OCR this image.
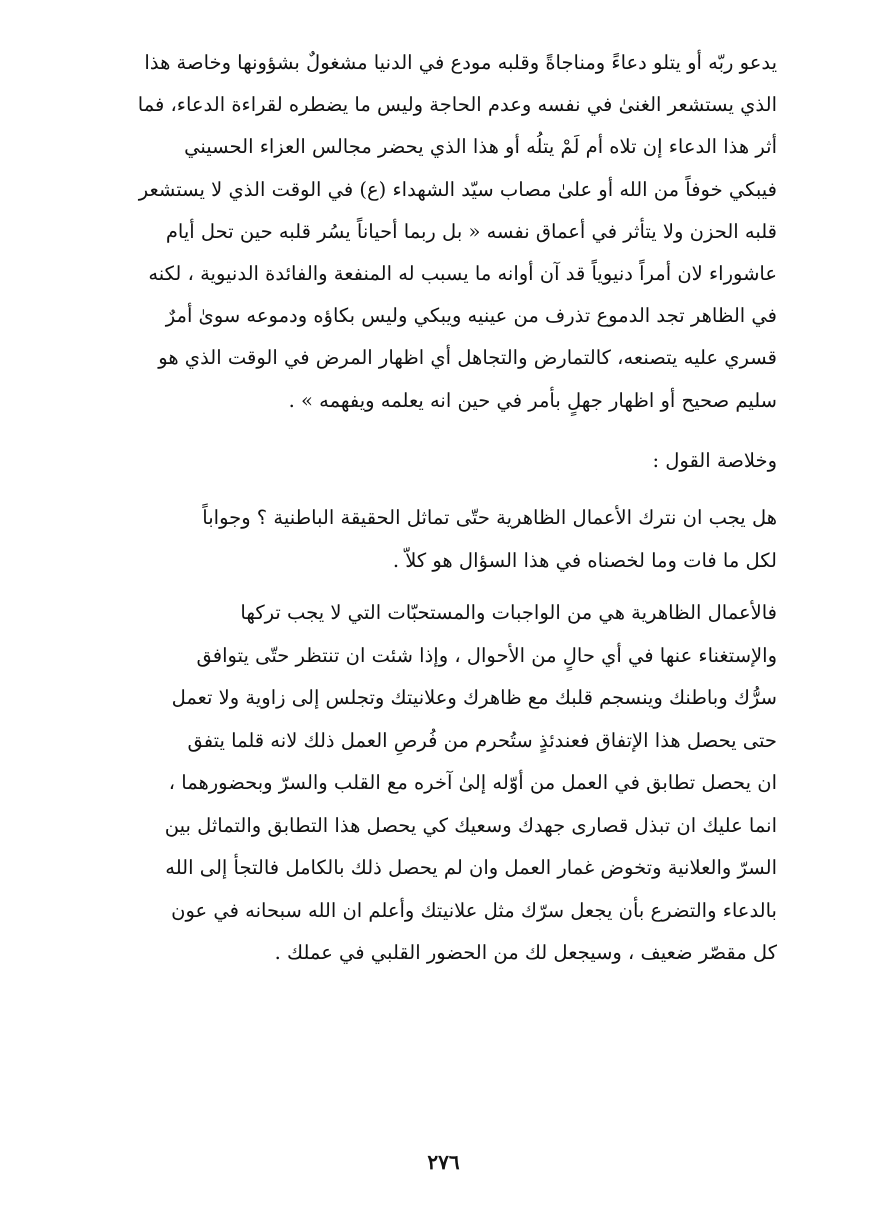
يدعو ربّه أو يتلو دعاءً ومناجاةً وقلبه مودع في الدنيا مشغولٌ بشؤونها وخاصة هذا
الذي يستشعر الغنىٰ في نفسه وعدم الحاجة وليس ما يضطره لقراءة الدعاء، فما
أثر هذا الدعاء إن تلاه أم لَمْ يتلُه أو هذا الذي يحضر مجالس العزاء الحسيني
فيبكي خوفاً من الله أو علىٰ مصاب سيّد الشهداء (ع) في الوقت الذي لا يستشعر
قلبه الحزن ولا يتأثر في أعماق نفسه « بل ربما أحياناً يسُر قلبه حين تحل أيام
عاشوراء لان أمراً دنيوياً قد آن أوانه ما يسبب له المنفعة والفائدة الدنيوية ، لكنه
في الظاهر تجد الدموع تذرف من عينيه ويبكي وليس بكاؤه ودموعه سوىٰ أمرٌ
قسري عليه يتصنعه، كالتمارض والتجاهل أي اظهار المرض في الوقت الذي هو
سليم صحيح أو اظهار جهلٍ بأمر في حين انه يعلمه ويفهمه » .
وخلاصة القول :
هل يجب ان نترك الأعمال الظاهرية حتّى تماثل الحقيقة الباطنية ؟ وجواباً
لكل ما فات وما لخصناه في هذا السؤال هو كلاّ .
فالأعمال الظاهرية هي من الواجبات والمستحبّات التي لا يجب تركها
والإستغناء عنها في أي حالٍ من الأحوال ، وإذا شئت ان تنتظر حتّى يتوافق
سرُّك وباطنك وينسجم قلبك مع ظاهرك وعلانيتك وتجلس إلى زاوية ولا تعمل
حتى يحصل هذا الإتفاق فعندئذٍ ستُحرم من فُرصِ العمل ذلك لانه قلما يتفق
ان يحصل تطابق في العمل من أوّله إلىٰ آخره مع القلب والسرّ وبحضورهما ،
انما عليك ان تبذل قصارى جهدك وسعيك كي يحصل هذا التطابق والتماثل بين
السرّ والعلانية وتخوض غمار العمل وان لم يحصل ذلك بالكامل فالتجأ إلى الله
بالدعاء والتضرع بأن يجعل سرّك مثل علانيتك وأعلم ان الله سبحانه في عون
كل مقصّر ضعيف ، وسيجعل لك من الحضور القلبي في عملك .
٢٧٦
